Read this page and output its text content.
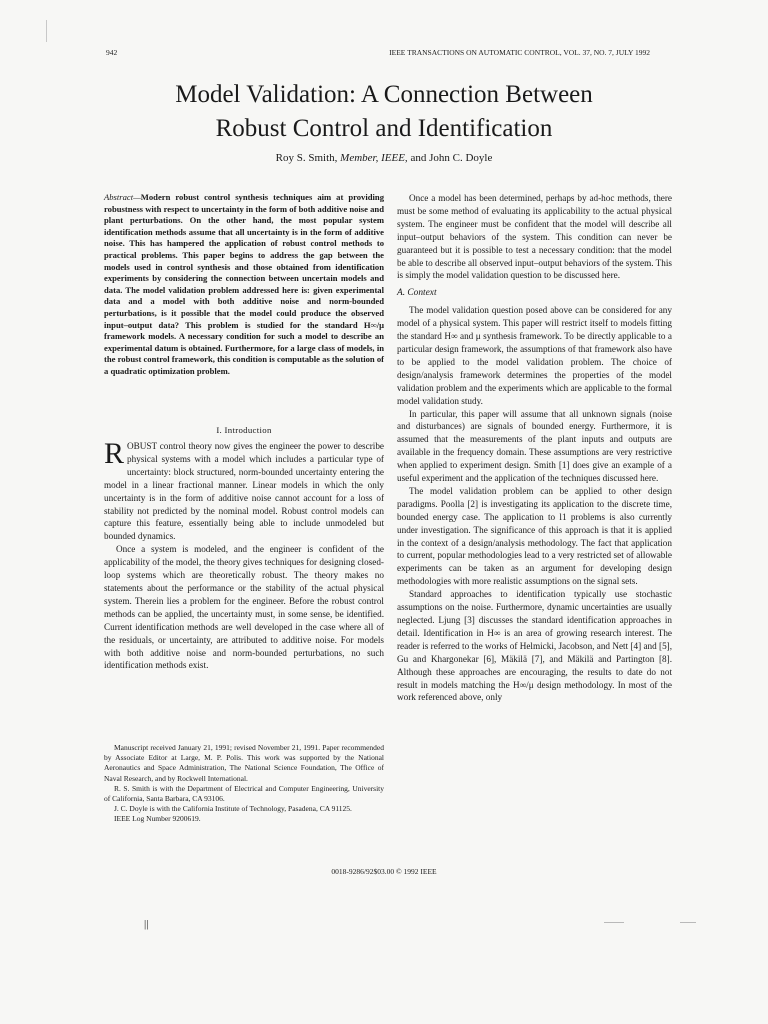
942	IEEE TRANSACTIONS ON AUTOMATIC CONTROL, VOL. 37, NO. 7, JULY 1992
Model Validation: A Connection Between
Robust Control and Identification
Roy S. Smith, Member, IEEE, and John C. Doyle
Abstract—Modern robust control synthesis techniques aim at providing robustness with respect to uncertainty in the form of both additive noise and plant perturbations. On the other hand, the most popular system identification methods assume that all uncertainty is in the form of additive noise. This has hampered the application of robust control methods to practical problems. This paper begins to address the gap between the models used in control synthesis and those obtained from identification experiments by considering the connection between uncertain models and data. The model validation problem addressed here is: given experimental data and a model with both additive noise and norm-bounded perturbations, is it possible that the model could produce the observed input–output data? This problem is studied for the standard H∞/μ framework models. A necessary condition for such a model to describe an experimental datum is obtained. Furthermore, for a large class of models, in the robust control framework, this condition is computable as the solution of a quadratic optimization problem.
I. Introduction

ROBUST control theory now gives the engineer the power to describe physical systems with a model which includes a particular type of uncertainty: block structured, norm-bounded uncertainty entering the model in a linear fractional manner. Linear models in which the only uncertainty is in the form of additive noise cannot account for a loss of stability not predicted by the nominal model. Robust control models can capture this feature, essentially being able to include unmodeled but bounded dynamics.

Once a system is modeled, and the engineer is confident of the applicability of the model, the theory gives techniques for designing closed-loop systems which are theoretically robust. The theory makes no statements about the performance or the stability of the actual physical system. Therein lies a problem for the engineer. Before the robust control methods can be applied, the uncertainty must, in some sense, be identified. Current identification methods are well developed in the case where all of the residuals, or uncertainty, are attributed to additive noise. For models with both additive noise and norm-bounded perturbations, no such identification methods exist.

Manuscript received January 21, 1991; revised November 21, 1991. Paper recommended by Associate Editor at Large, M. P. Polis. This work was supported by the National Aeronautics and Space Administration, The National Science Foundation, The Office of Naval Research, and by Rockwell International.

R. S. Smith is with the Department of Electrical and Computer Engineering, University of California, Santa Barbara, CA 93106.

J. C. Doyle is with the California Institute of Technology, Pasadena, CA 91125.

IEEE Log Number 9200619.

Once a model has been determined, perhaps by ad-hoc methods, there must be some method of evaluating its applicability to the actual physical system. The engineer must be confident that the model will describe all input–output behaviors of the system. This condition can never be guaranteed but it is possible to test a necessary condition: that the model be able to describe all observed input–output behaviors of the system. This is simply the model validation question to be discussed here.

A. Context

The model validation question posed above can be considered for any model of a physical system. This paper will restrict itself to models fitting the standard H∞ and μ synthesis framework. To be directly applicable to a particular design framework, the assumptions of that framework also have to be applied to the model validation problem. The choice of design/analysis framework determines the properties of the model validation problem and the experiments which are applicable to the formal model validation study.

In particular, this paper will assume that all unknown signals (noise and disturbances) are signals of bounded energy. Furthermore, it is assumed that the measurements of the plant inputs and outputs are available in the frequency domain. These assumptions are very restrictive when applied to experiment design. Smith [1] does give an example of a useful experiment and the application of the techniques discussed here.

The model validation problem can be applied to other design paradigms. Poolla [2] is investigating its application to the discrete time, bounded energy case. The application to l1 problems is also currently under investigation. The significance of this approach is that it is applied in the context of a design/analysis methodology. The fact that application to current, popular methodologies lead to a very restricted set of allowable experiments can be taken as an argument for developing design methodologies with more realistic assumptions on the signal sets.

Standard approaches to identification typically use stochastic assumptions on the noise. Furthermore, dynamic uncertainties are usually neglected. Ljung [3] discusses the standard identification approaches in detail. Identification in H∞ is an area of growing research interest. The reader is referred to the works of Helmicki, Jacobson, and Nett [4] and [5], Gu and Khargonekar [6], Mäkilä [7], and Mäkilä and Partington [8]. Although these approaches are encouraging, the results to date do not result in models matching the H∞/μ design methodology. In most of the work referenced above, only

0018-9286/92$03.00 © 1992 IEEE
||
